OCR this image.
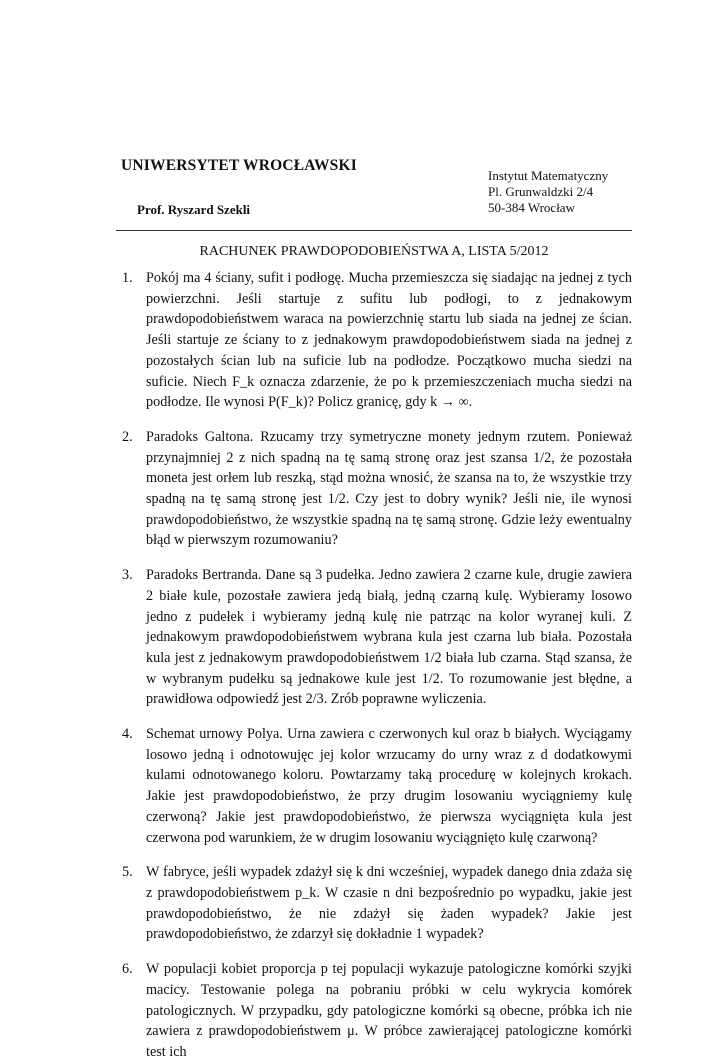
UNIWERSYTET WROCŁAWSKI
Prof. Ryszard Szekli
Instytut Matematyczny
Pl. Grunwaldzki 2/4
50-384 Wrocław
RACHUNEK PRAWDOPODOBIEŃSTWA A, LISTA 5/2012
1. Pokój ma 4 ściany, sufit i podłogę. Mucha przemieszcza się siadając na jednej z tych powierzchni. Jeśli startuje z sufitu lub podłogi, to z jednakowym prawdopodobieństwem waraca na powierzchnię startu lub siada na jednej ze ścian. Jeśli startuje ze ściany to z jednakowym prawdopodobieństwem siada na jednej z pozostałych ścian lub na suficie lub na podłodze. Początkowo mucha siedzi na suficie. Niech F_k oznacza zdarzenie, że po k przemieszczeniach mucha siedzi na podłodze. Ile wynosi P(F_k)? Policz granicę, gdy k → ∞.
2. Paradoks Galtona. Rzucamy trzy symetryczne monety jednym rzutem. Ponieważ przynajmniej 2 z nich spadną na tę samą stronę oraz jest szansa 1/2, że pozostała moneta jest orłem lub reszką, stąd można wnosić, że szansa na to, że wszystkie trzy spadną na tę samą stronę jest 1/2. Czy jest to dobry wynik? Jeśli nie, ile wynosi prawdopodobieństwo, że wszystkie spadną na tę samą stronę. Gdzie leży ewentualny błąd w pierwszym rozumowaniu?
3. Paradoks Bertranda. Dane są 3 pudełka. Jedno zawiera 2 czarne kule, drugie zawiera 2 białe kule, pozostałe zawiera jedą białą, jedną czarną kulę. Wybieramy losowo jedno z pudełek i wybieramy jedną kulę nie patrząc na kolor wyranej kuli. Z jednakowym prawdopodobieństwem wybrana kula jest czarna lub biała. Pozostała kula jest z jednakowym prawdopodobieństwem 1/2 biała lub czarna. Stąd szansa, że w wybranym pudełku są jednakowe kule jest 1/2. To rozumowanie jest błędne, a prawidłowa odpowiedź jest 2/3. Zrób poprawne wyliczenia.
4. Schemat urnowy Polya. Urna zawiera c czerwonych kul oraz b białych. Wyciągamy losowo jedną i odnotowujęc jej kolor wrzucamy do urny wraz z d dodatkowymi kulami odnotowanego koloru. Powtarzamy taką procedurę w kolejnych krokach. Jakie jest prawdopodobieństwo, że przy drugim losowaniu wyciągniemy kulę czerwoną? Jakie jest prawdopodobieństwo, że pierwsza wyciągnięta kula jest czerwona pod warunkiem, że w drugim losowaniu wyciągnięto kulę czarwoną?
5. W fabryce, jeśli wypadek zdażył się k dni wcześniej, wypadek danego dnia zdaża się z prawdopodobieństwem p_k. W czasie n dni bezpośrednio po wypadku, jakie jest prawdopodobieństwo, że nie zdażył się żaden wypadek? Jakie jest prawdopodobieństwo, że zdarzył się dokładnie 1 wypadek?
6. W populacji kobiet proporcja p tej populacji wykazuje patologiczne komórki szyjki macicy. Testowanie polega na pobraniu próbki w celu wykrycia komórek patologicznych. W przypadku, gdy patologiczne komórki są obecne, próbka ich nie zawiera z prawdopodobieństwem μ. W próbce zawierającej patologiczne komórki test ich
